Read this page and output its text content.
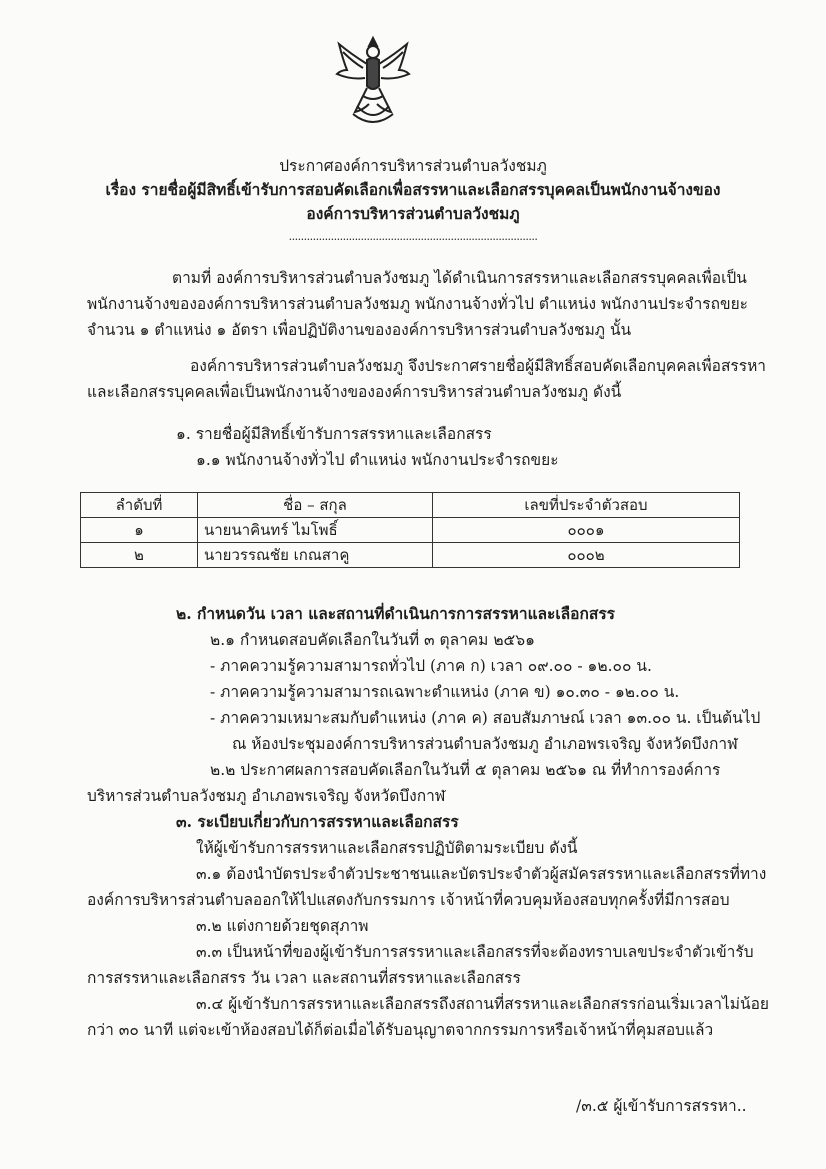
ประกาศองค์การบริหารส่วนตำบลวังชมภู
เรื่อง รายชื่อผู้มีสิทธิ์เข้ารับการสอบคัดเลือกเพื่อสรรหาและเลือกสรรบุคคลเป็นพนักงานจ้างของ
องค์การบริหารส่วนตำบลวังชมภู
...................................................................................
ตามที่ องค์การบริหารส่วนตำบลวังชมภู ได้ดำเนินการสรรหาและเลือกสรรบุคคลเพื่อเป็น
พนักงานจ้างขององค์การบริหารส่วนตำบลวังชมภู พนักงานจ้างทั่วไป ตำแหน่ง พนักงานประจำรถขยะ
จำนวน ๑ ตำแหน่ง ๑ อัตรา เพื่อปฏิบัติงานขององค์การบริหารส่วนตำบลวังชมภู นั้น
องค์การบริหารส่วนตำบลวังชมภู จึงประกาศรายชื่อผู้มีสิทธิ์สอบคัดเลือกบุคคลเพื่อสรรหา
และเลือกสรรบุคคลเพื่อเป็นพนักงานจ้างขององค์การบริหารส่วนตำบลวังชมภู ดังนี้
๑. รายชื่อผู้มีสิทธิ์เข้ารับการสรรหาและเลือกสรร
๑.๑ พนักงานจ้างทั่วไป ตำแหน่ง พนักงานประจำรถขยะ
ลำดับที่	ชื่อ – สกุล	เลขที่ประจำตัวสอบ
๑	นายนาคินทร์ ไมโพธิ์	๐๐๐๑
๒	นายวรรณชัย เกณสาคู	๐๐๐๒
๒. กำหนดวัน เวลา และสถานที่ดำเนินการการสรรหาและเลือกสรร
๒.๑ กำหนดสอบคัดเลือกในวันที่ ๓ ตุลาคม ๒๕๖๑
- ภาคความรู้ความสามารถทั่วไป (ภาค ก) เวลา ๐๙.๐๐ - ๑๒.๐๐ น.
- ภาคความรู้ความสามารถเฉพาะตำแหน่ง (ภาค ข) ๑๐.๓๐ - ๑๒.๐๐ น.
- ภาคความเหมาะสมกับตำแหน่ง (ภาค ค) สอบสัมภาษณ์ เวลา ๑๓.๐๐ น. เป็นต้นไป
ณ ห้องประชุมองค์การบริหารส่วนตำบลวังชมภู อำเภอพรเจริญ จังหวัดบึงกาฬ
๒.๒ ประกาศผลการสอบคัดเลือกในวันที่ ๕ ตุลาคม ๒๕๖๑ ณ ที่ทำการองค์การ
บริหารส่วนตำบลวังชมภู อำเภอพรเจริญ จังหวัดบึงกาฬ
๓. ระเบียบเกี่ยวกับการสรรหาและเลือกสรร
ให้ผู้เข้ารับการสรรหาและเลือกสรรปฏิบัติตามระเบียบ ดังนี้
๓.๑ ต้องนำบัตรประจำตัวประชาชนและบัตรประจำตัวผู้สมัครสรรหาและเลือกสรรที่ทาง
องค์การบริหารส่วนตำบลออกให้ไปแสดงกับกรรมการ เจ้าหน้าที่ควบคุมห้องสอบทุกครั้งที่มีการสอบ
๓.๒ แต่งกายด้วยชุดสุภาพ
๓.๓ เป็นหน้าที่ของผู้เข้ารับการสรรหาและเลือกสรรที่จะต้องทราบเลขประจำตัวเข้ารับ
การสรรหาและเลือกสรร วัน เวลา และสถานที่สรรหาและเลือกสรร
๓.๔ ผู้เข้ารับการสรรหาและเลือกสรรถึงสถานที่สรรหาและเลือกสรรก่อนเริ่มเวลาไม่น้อย
กว่า ๓๐ นาที แต่จะเข้าห้องสอบได้ก็ต่อเมื่อได้รับอนุญาตจากกรรมการหรือเจ้าหน้าที่คุมสอบแล้ว
/๓.๕ ผู้เข้ารับการสรรหา..
